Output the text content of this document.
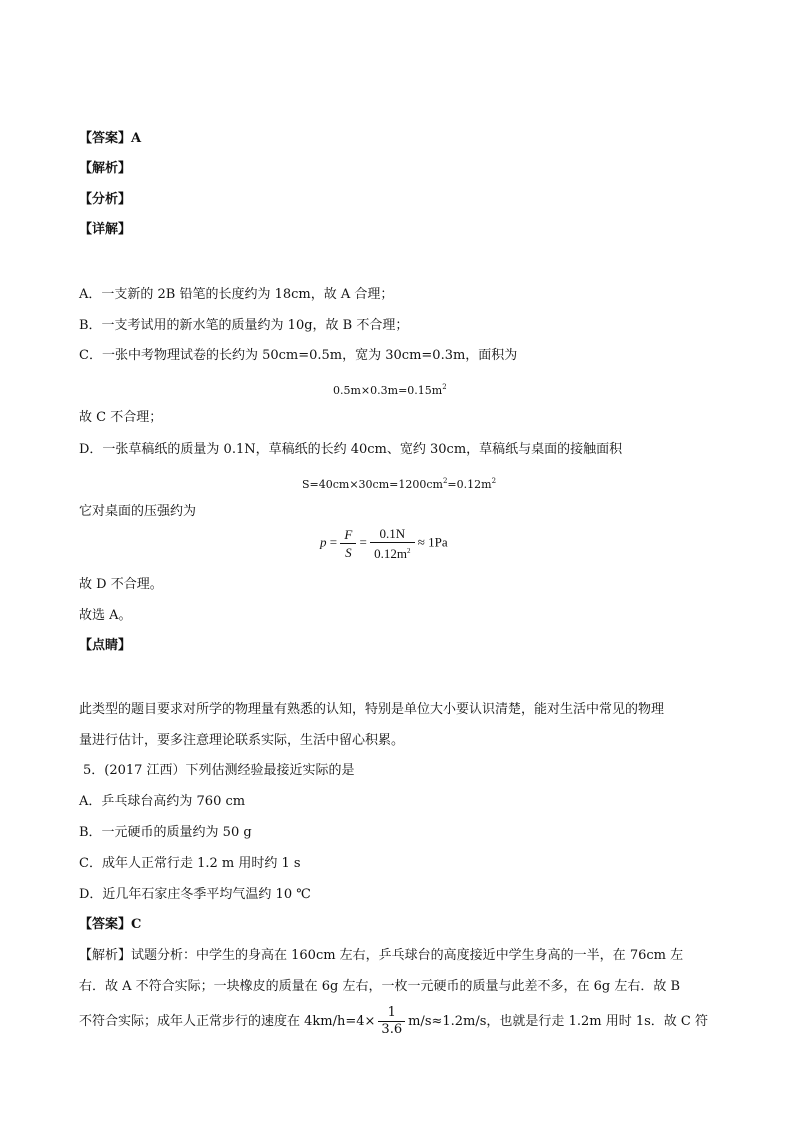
【答案】A
【解析】
【分析】
【详解】
A．一支新的 2B 铅笔的长度约为 18cm，故 A 合理；
B．一支考试用的新水笔的质量约为 10g，故 B 不合理；
C．一张中考物理试卷的长约为 50cm=0.5m，宽为 30cm=0.3m，面积为
$0.5m\times 0.3m=0.15m^2$
故 C 不合理；
D．一张草稿纸的质量为 0.1N，草稿纸的长约 40cm、宽约 30cm，草稿纸与桌面的接触面积
$S=40cm\times 30cm=1200cm^2=0.12m^2$
它对桌面的压强约为
$p = \frac{F}{S} = \frac{0.1N}{0.12m^2} \approx 1Pa$
故 D 不合理。
故选 A。
【点睛】
此类型的题目要求对所学的物理量有熟悉的认知，特别是单位大小要认识清楚，能对生活中常见的物理
量进行估计，要多注意理论联系实际，生活中留心积累。
5．(2017 江西）下列估测经验最接近实际的是
A．乒乓球台高约为 760 cm
B．一元硬币的质量约为 50 g
C．成年人正常行走 1.2 m 用时约 1 s
D．近几年石家庄冬季平均气温约 10 ℃
【答案】C
【解析】试题分析：中学生的身高在 160cm 左右，乒乓球台的高度接近中学生身高的一半，在 76cm 左
右．故 A 不符合实际；一块橡皮的质量在 6g 左右，一枚一元硬币的质量与此差不多，在 6g 左右．故 B
不符合实际；成年人正常步行的速度在 $4km/h=4\times \frac{1}{3.6} m/s\approx 1.2m/s$，也就是行走 1.2m 用时 1s．故 C 符
